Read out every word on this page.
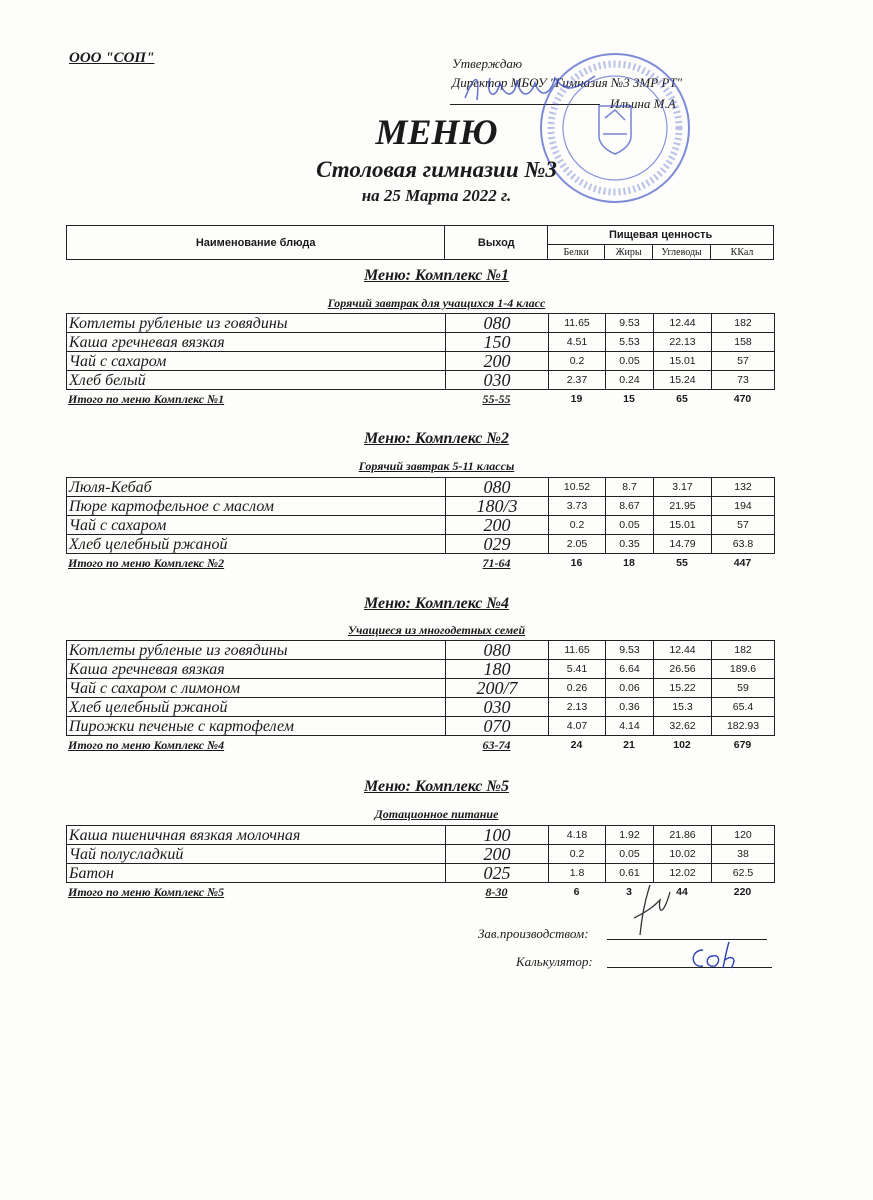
ООО "СОП"	Утверждаю
Директор МБОУ "Гимназия №3 ЗМР РТ"
Ильина М.А
МЕНЮ
Столовая гимназии №3
на 25 Марта 2022 г.
Наименование блюда	Выход	Пищевая ценность			
		Белки	Жиры	Углеводы	ККал
Меню: Комплекс №1
Горячий завтрак для учащихся 1-4 класс
Котлеты рубленые из говядины	080	11.65	9.53	12.44	182
Каша гречневая вязкая	150	4.51	5.53	22.13	158
Чай с сахаром	200	0.2	0.05	15.01	57
Хлеб белый	030	2.37	0.24	15.24	73
Итого по меню Комплекс №1	55-55	19	15	65	470
Меню: Комплекс №2
Горячий завтрак 5-11 классы
Люля-Кебаб	080	10.52	8.7	3.17	132
Пюре картофельное с маслом	180/3	3.73	8.67	21.95	194
Чай с сахаром	200	0.2	0.05	15.01	57
Хлеб целебный ржаной	029	2.05	0.35	14.79	63.8
Итого по меню Комплекс №2	71-64	16	18	55	447
Меню: Комплекс №4
Учащиеся из многодетных семей
Котлеты рубленые из говядины	080	11.65	9.53	12.44	182
Каша гречневая вязкая	180	5.41	6.64	26.56	189.6
Чай с сахаром с лимоном	200/7	0.26	0.06	15.22	59
Хлеб целебный ржаной	030	2.13	0.36	15.3	65.4
Пирожки печеные с картофелем	070	4.07	4.14	32.62	182.93
Итого по меню Комплекс №4	63-74	24	21	102	679
Меню: Комплекс №5
Дотационное питание
Каша пшеничная вязкая молочная	100	4.18	1.92	21.86	120
Чай полусладкий	200	0.2	0.05	10.02	38
Батон	025	1.8	0.61	12.02	62.5
Итого по меню Комплекс №5	8-30	6	3	44	220
Зав.производством:
Калькулятор:
